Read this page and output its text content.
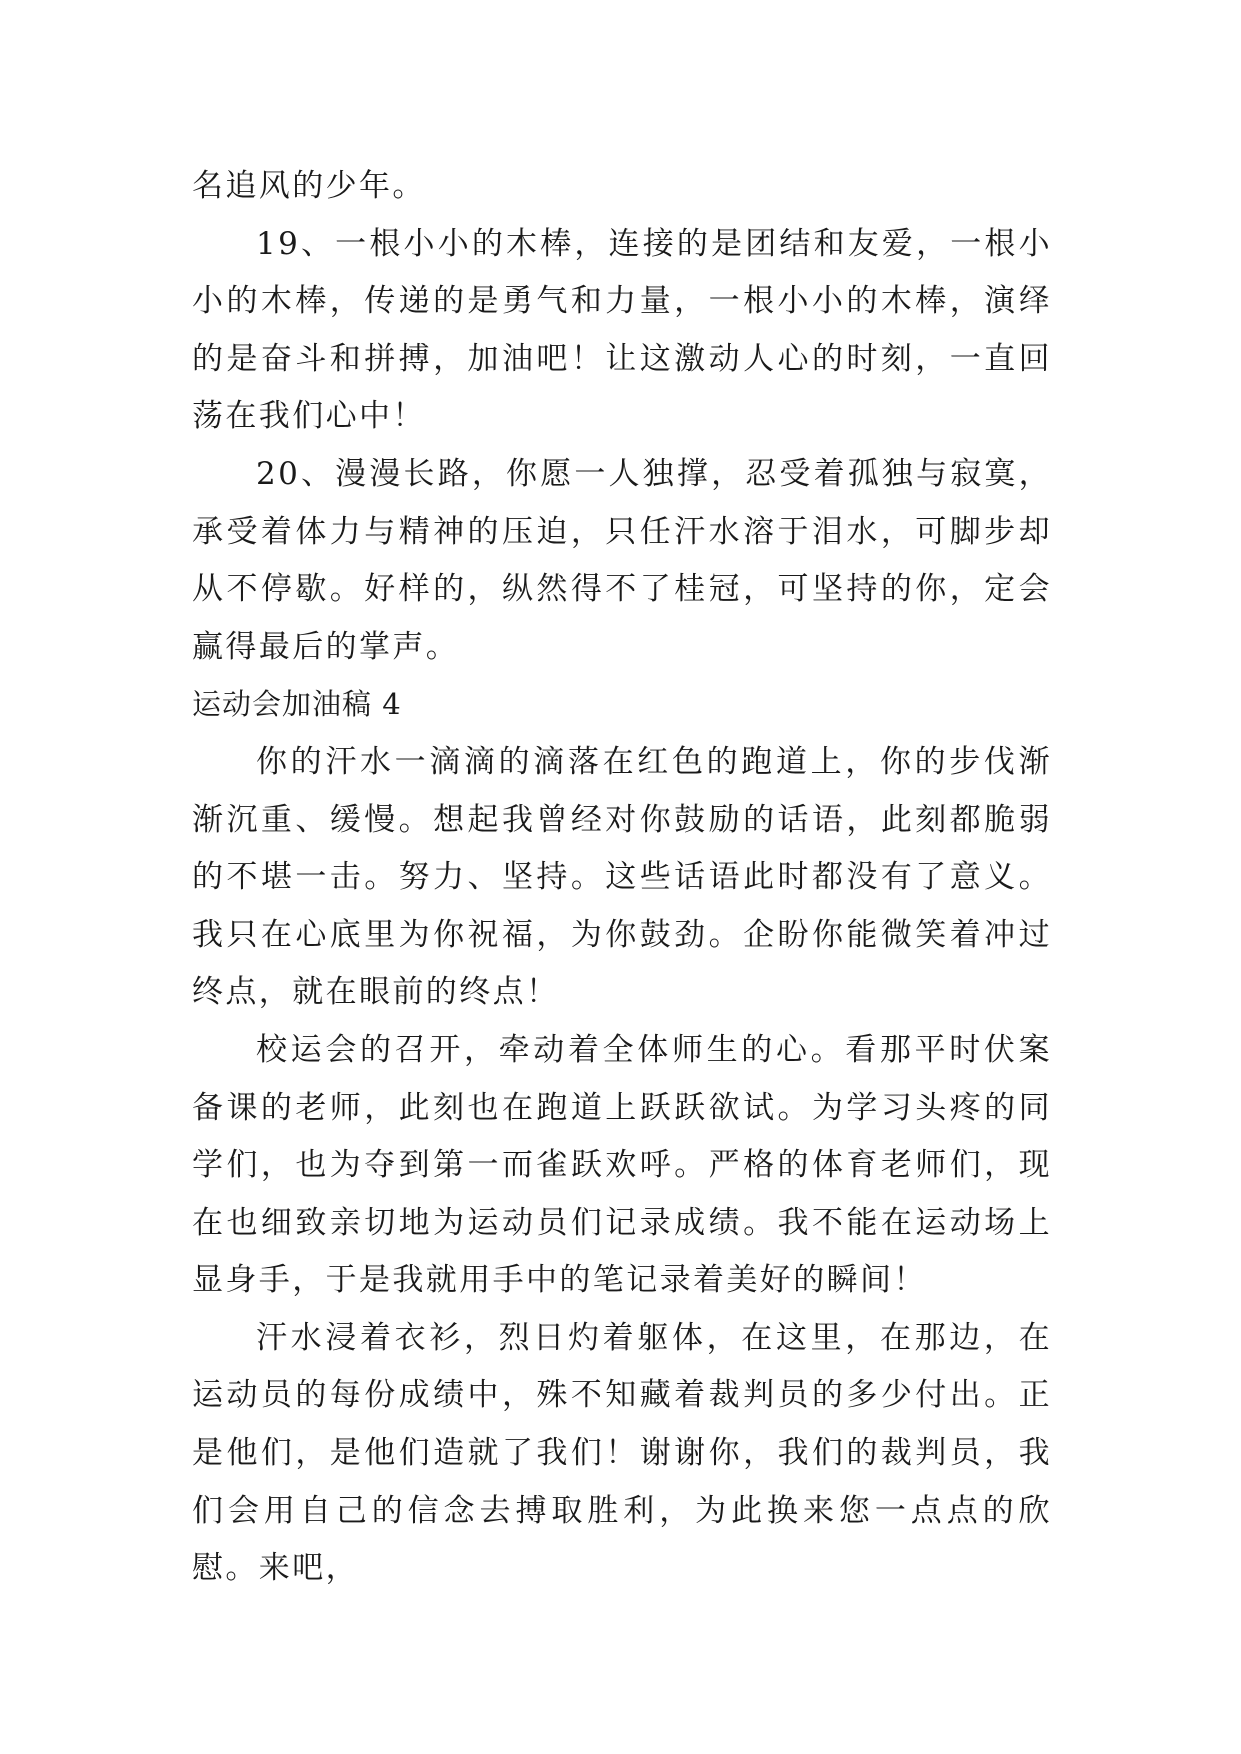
名追风的少年。

19、一根小小的木棒，连接的是团结和友爱，一根小小的木棒，传递的是勇气和力量，一根小小的木棒，演绎的是奋斗和拼搏，加油吧！让这激动人心的时刻，一直回荡在我们心中！

20、漫漫长路，你愿一人独撑，忍受着孤独与寂寞，承受着体力与精神的压迫，只任汗水溶于泪水，可脚步却从不停歇。好样的，纵然得不了桂冠，可坚持的你，定会赢得最后的掌声。

运动会加油稿 4

你的汗水一滴滴的滴落在红色的跑道上，你的步伐渐渐沉重、缓慢。想起我曾经对你鼓励的话语，此刻都脆弱的不堪一击。努力、坚持。这些话语此时都没有了意义。我只在心底里为你祝福，为你鼓劲。企盼你能微笑着冲过终点，就在眼前的终点！

校运会的召开，牵动着全体师生的心。看那平时伏案备课的老师，此刻也在跑道上跃跃欲试。为学习头疼的同学们，也为夺到第一而雀跃欢呼。严格的体育老师们，现在也细致亲切地为运动员们记录成绩。我不能在运动场上显身手，于是我就用手中的笔记录着美好的瞬间！

汗水浸着衣衫，烈日灼着躯体，在这里，在那边，在运动员的每份成绩中，殊不知藏着裁判员的多少付出。正是他们，是他们造就了我们！谢谢你，我们的裁判员，我们会用自己的信念去搏取胜利，为此换来您一点点的欣慰。来吧，
